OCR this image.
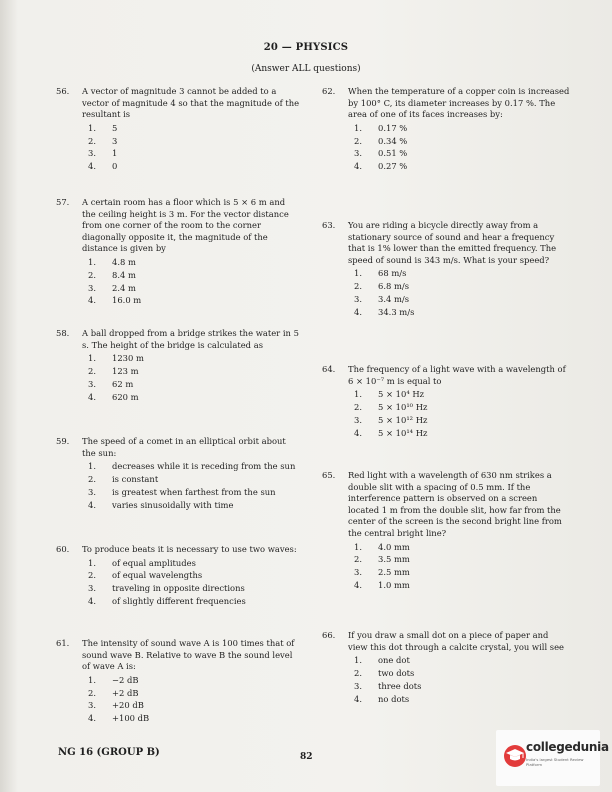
20 — PHYSICS
(Answer ALL questions)
56.	A vector of magnitude 3 cannot be added to a vector of magnitude 4 so that the magnitude of the resultant is
1.	5
2.	3
3.	1
4.	0
57.	A certain room has a floor which is 5 × 6 m and the ceiling height is 3 m. For the vector distance from one corner of the room to the corner diagonally opposite it, the magnitude of the distance is given by
1.	4.8 m
2.	8.4 m
3.	2.4 m
4.	16.0 m
58.	A ball dropped from a bridge strikes the water in 5 s. The height of the bridge is calculated as
1.	1230 m
2.	123 m
3.	62 m
4.	620 m
59.	The speed of a comet in an elliptical orbit about the sun:
1.	decreases while it is receding from the sun
2.	is constant
3.	is greatest when farthest from the sun
4.	varies sinusoidally with time
60.	To produce beats it is necessary to use two waves:
1.	of equal amplitudes
2.	of equal wavelengths
3.	traveling in opposite directions
4.	of slightly different frequencies
61.	The intensity of sound wave A is 100 times that of sound wave B. Relative to wave B the sound level of wave A is:
1.	−2 dB
2.	+2 dB
3.	+20 dB
4.	+100 dB
62.	When the temperature of a copper coin is increased by 100° C, its diameter increases by 0.17 %. The area of one of its faces increases by:
1.	0.17 %
2.	0.34 %
3.	0.51 %
4.	0.27 %
63.	You are riding a bicycle directly away from a stationary source of sound and hear a frequency that is 1% lower than the emitted frequency. The speed of sound is 343 m/s. What is your speed?
1.	68 m/s
2.	6.8 m/s
3.	3.4 m/s
4.	34.3 m/s
64.	The frequency of a light wave with a wavelength of 6 × 10⁻⁷ m is equal to
1.	5 × 10⁴ Hz
2.	5 × 10¹⁰ Hz
3.	5 × 10¹² Hz
4.	5 × 10¹⁴ Hz
65.	Red light with a wavelength of 630 nm strikes a double slit with a spacing of 0.5 mm. If the interference pattern is observed on a screen located 1 m from the double slit, how far from the center of the screen is the second bright line from the central bright line?
1.	4.0 mm
2.	3.5 mm
3.	2.5 mm
4.	1.0 mm
66.	If you draw a small dot on a piece of paper and view this dot through a calcite crystal, you will see
1.	one dot
2.	two dots
3.	three dots
4.	no dots
NG 16 (GROUP B)	82
collegedunia
India's largest Student Review Platform
